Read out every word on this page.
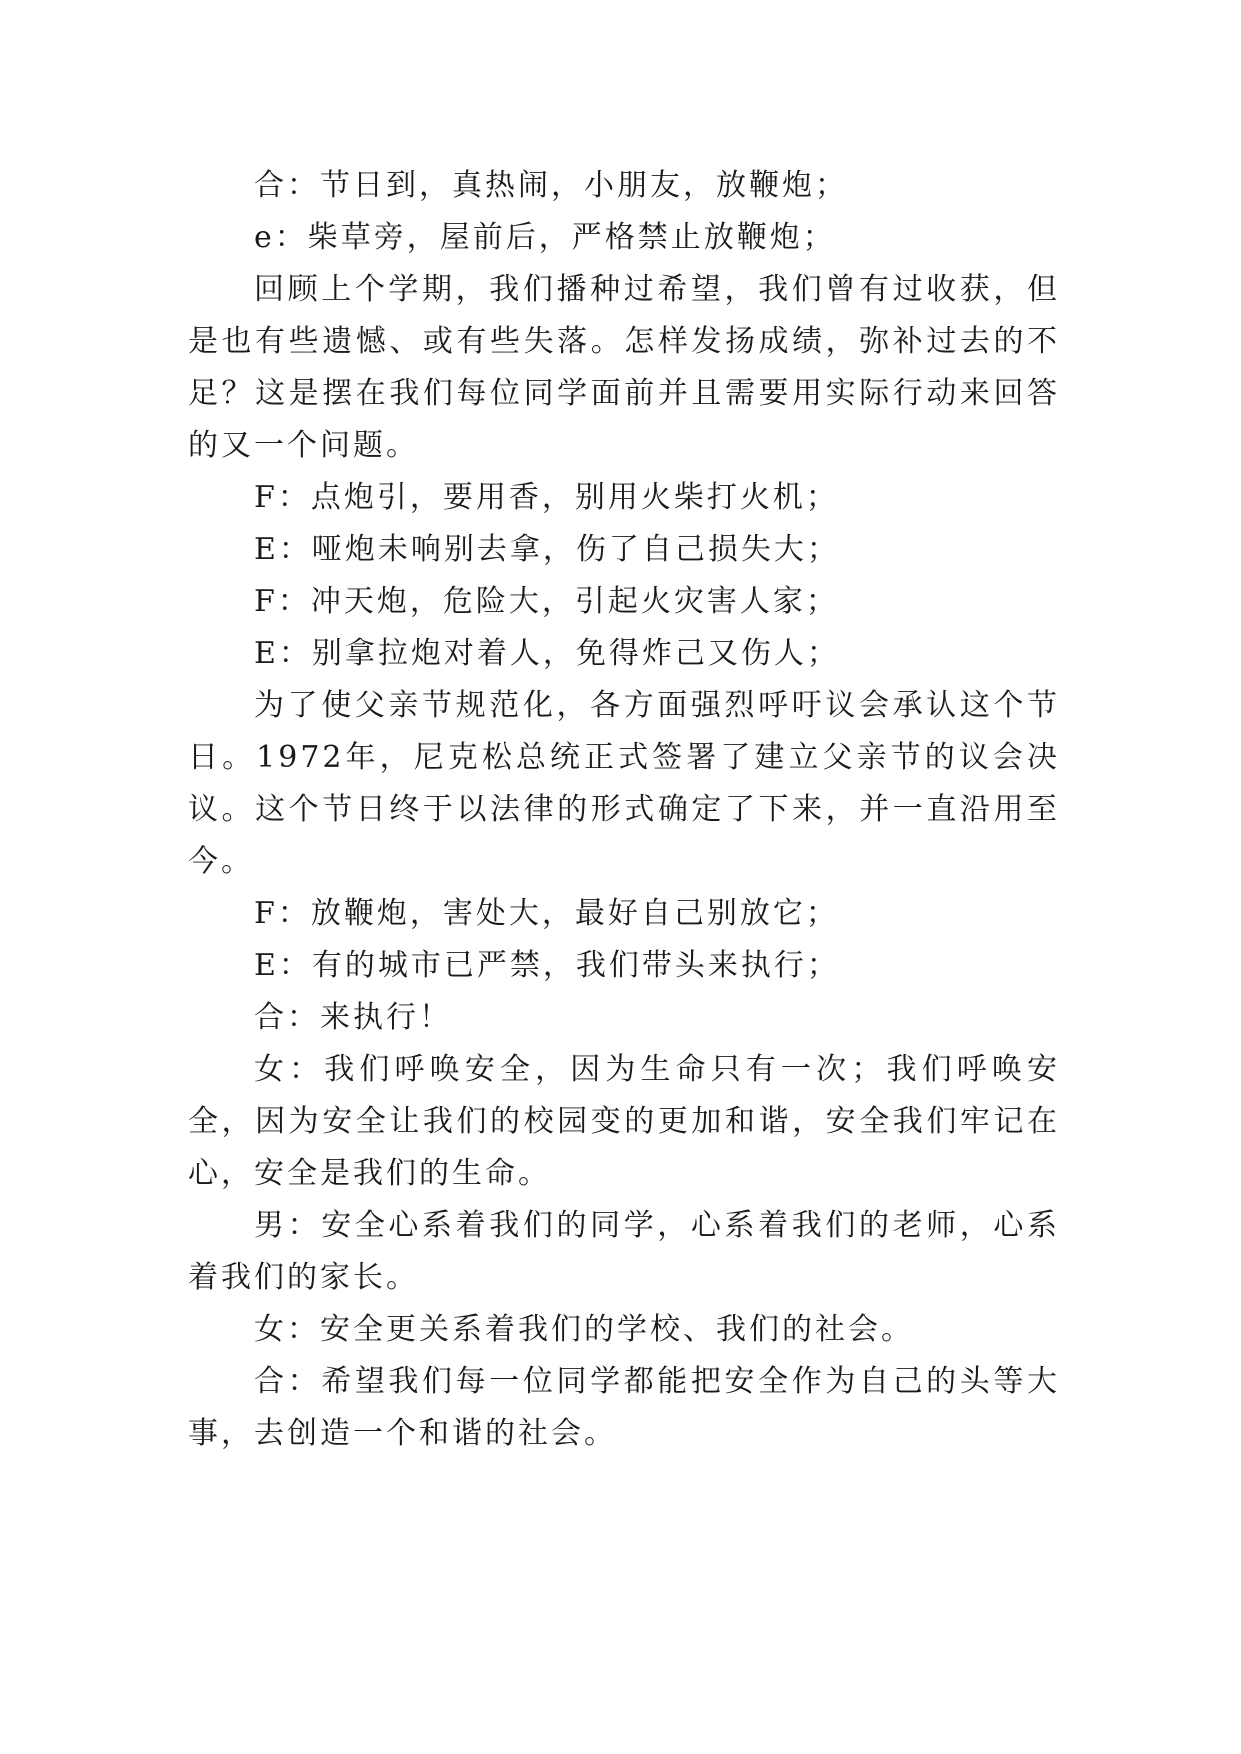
合：节日到，真热闹，小朋友，放鞭炮；

e：柴草旁，屋前后，严格禁止放鞭炮；

回顾上个学期，我们播种过希望，我们曾有过收获，但是也有些遗憾、或有些失落。怎样发扬成绩，弥补过去的不足？这是摆在我们每位同学面前并且需要用实际行动来回答的又一个问题。

F：点炮引，要用香，别用火柴打火机；

E：哑炮未响别去拿，伤了自己损失大；

F：冲天炮，危险大，引起火灾害人家；

E：别拿拉炮对着人，免得炸己又伤人；

为了使父亲节规范化，各方面强烈呼吁议会承认这个节日。1972年，尼克松总统正式签署了建立父亲节的议会决议。这个节日终于以法律的形式确定了下来，并一直沿用至今。

F：放鞭炮，害处大，最好自己别放它；

E：有的城市已严禁，我们带头来执行；

合：来执行！

女：我们呼唤安全，因为生命只有一次；我们呼唤安全，因为安全让我们的校园变的更加和谐，安全我们牢记在心，安全是我们的生命。

男：安全心系着我们的同学，心系着我们的老师，心系着我们的家长。

女：安全更关系着我们的学校、我们的社会。

合：希望我们每一位同学都能把安全作为自己的头等大事，去创造一个和谐的社会。
